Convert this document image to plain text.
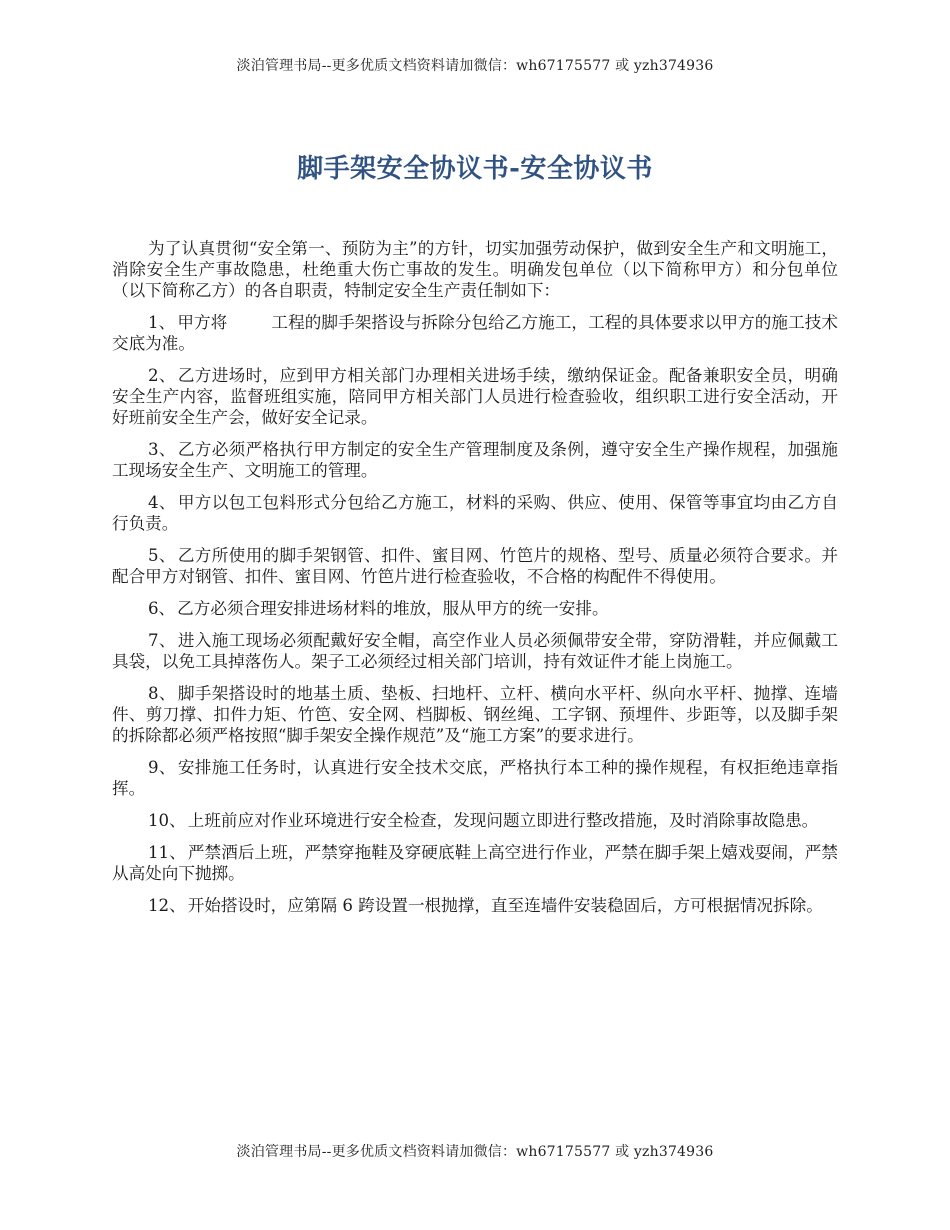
淡泊管理书局--更多优质文档资料请加微信：wh67175577 或 yzh374936
脚手架安全协议书-安全协议书

为了认真贯彻“安全第一、预防为主”的方针，切实加强劳动保护，做到安全生产和文明施工，消除安全生产事故隐患，杜绝重大伤亡事故的发生。明确发包单位（以下简称甲方）和分包单位（以下简称乙方）的各自职责，特制定安全生产责任制如下：

1、 甲方将	工程的脚手架搭设与拆除分包给乙方施工，工程的具体要求以甲方的施工技术交底为准。

2、 乙方进场时，应到甲方相关部门办理相关进场手续，缴纳保证金。配备兼职安全员，明确安全生产内容，监督班组实施，陪同甲方相关部门人员进行检查验收，组织职工进行安全活动，开好班前安全生产会，做好安全记录。

3、 乙方必须严格执行甲方制定的安全生产管理制度及条例，遵守安全生产操作规程，加强施工现场安全生产、文明施工的管理。

4、 甲方以包工包料形式分包给乙方施工，材料的采购、供应、使用、保管等事宜均由乙方自行负责。

5、 乙方所使用的脚手架钢管、扣件、蜜目网、竹笆片的规格、型号、质量必须符合要求。并配合甲方对钢管、扣件、蜜目网、竹笆片进行检查验收，不合格的构配件不得使用。

6、 乙方必须合理安排进场材料的堆放，服从甲方的统一安排。

7、 进入施工现场必须配戴好安全帽，高空作业人员必须佩带安全带，穿防滑鞋，并应佩戴工具袋，以免工具掉落伤人。架子工必须经过相关部门培训，持有效证件才能上岗施工。

8、 脚手架搭设时的地基土质、垫板、扫地杆、立杆、横向水平杆、纵向水平杆、抛撑、连墙件、剪刀撑、扣件力矩、竹笆、安全网、档脚板、钢丝绳、工字钢、预埋件、步距等，以及脚手架的拆除都必须严格按照“脚手架安全操作规范”及“施工方案”的要求进行。

9、 安排施工任务时，认真进行安全技术交底，严格执行本工种的操作规程，有权拒绝违章指挥。

10、 上班前应对作业环境进行安全检查，发现问题立即进行整改措施，及时消除事故隐患。

11、 严禁酒后上班，严禁穿拖鞋及穿硬底鞋上高空进行作业，严禁在脚手架上嬉戏耍闹，严禁从高处向下抛掷。

12、 开始搭设时，应第隔 6 跨设置一根抛撑，直至连墙件安装稳固后，方可根据情况拆除。

淡泊管理书局--更多优质文档资料请加微信：wh67175577 或 yzh374936
